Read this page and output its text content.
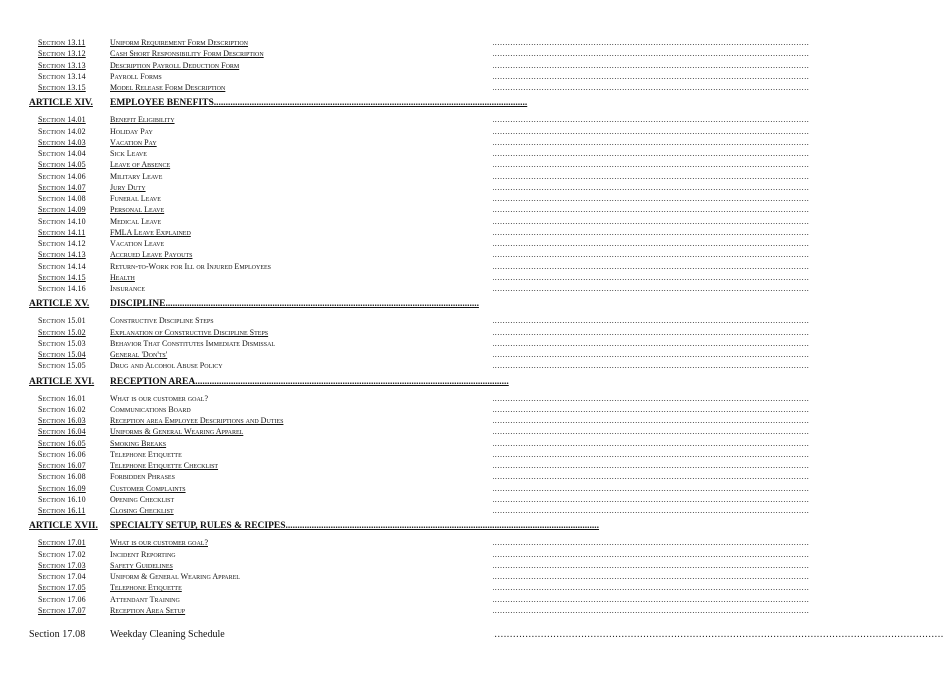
Section 13.11	Uniform Requirement Form Description .....
Section 13.12	Cash Short Responsibility Form Description .....
Section 13.13	Description Payroll Deduction Form .....
Section 13.14	Payroll Forms .....
Section 13.15	Model Release Form Description .....
ARTICLE XIV. EMPLOYEE BENEFITS....................................................................................................................................
Section 14.01	Benefit Eligibility .....
Section 14.02	Holiday Pay .....
Section 14.03	Vacation Pay .....
Section 14.04	Sick Leave .....
Section 14.05	Leave of Absence .....
Section 14.06	Military Leave .....
Section 14.07	Jury Duty .....
Section 14.08	Funeral Leave .....
Section 14.09	Personal Leave .....
Section 14.10	Medical Leave .....
Section 14.11	FMLA Leave Explained .....
Section 14.12	Vacation Leave .....
Section 14.13	Accrued Leave Payouts .....
Section 14.14	Return-to-Work for Ill or Injured Employees .....
Section 14.15	Health .....
Section 14.16	Insurance .....
ARTICLE XV. DISCIPLINE....................................................................................................................................
Section 15.01	Constructive Discipline Steps .....
Section 15.02	Explanation of Constructive Discipline Steps .....
Section 15.03	Behavior That Constitutes Immediate Dismissal .....
Section 15.04	General 'Don'ts' .....
Section 15.05	Drug and Alcohol Abuse Policy .....
ARTICLE XVI. RECEPTION AREA....................................................................................................................................
Section 16.01	What is our customer goal? .....
Section 16.02	Communications Board .....
Section 16.03	Reception area Employee Descriptions and Duties .....
Section 16.04	Uniforms & General Wearing Apparel .....
Section 16.05	Smoking Breaks .....
Section 16.06	Telephone Etiquette .....
Section 16.07	Telephone Etiquette Checklist .....
Section 16.08	Forbidden Phrases .....
Section 16.09	Customer Complaints .....
Section 16.10	Opening Checklist .....
Section 16.11	Closing Checklist .....
ARTICLE XVII. SPECIALTY SETUP, RULES & RECIPES....................................................................................................................................
Section 17.01	What is our customer goal? .....
Section 17.02	Incident Reporting .....
Section 17.03	Safety Guidelines .....
Section 17.04	Uniform & General Wearing Apparel .....
Section 17.05	Telephone Etiquette .....
Section 17.06	Attendant Training .....
Section 17.07	Reception Area Setup .....
Section 17.08 Weekday Cleaning Schedule .....
